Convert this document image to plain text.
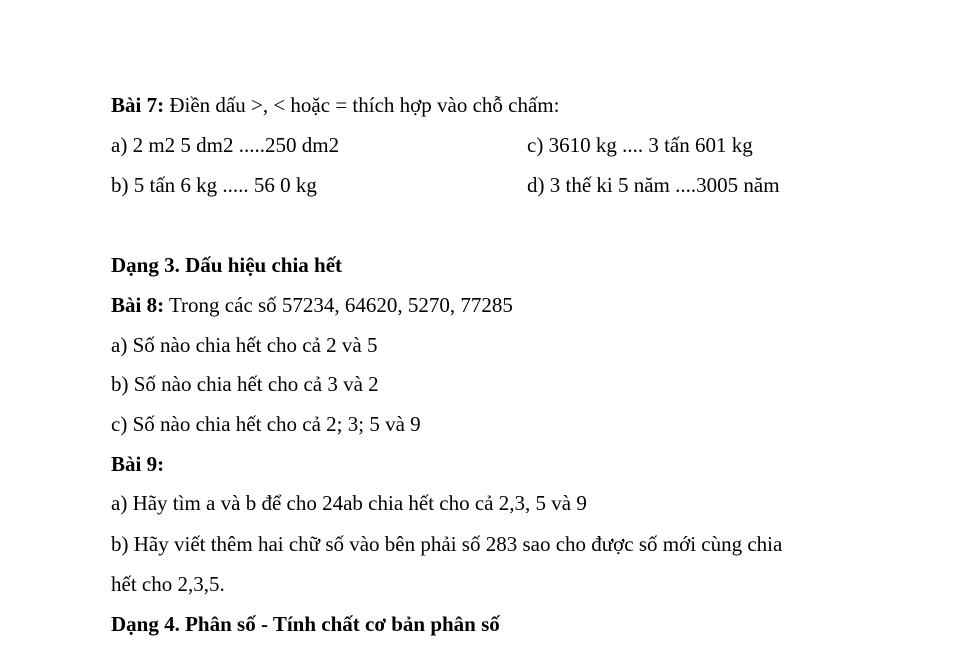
Bài 7: Điền dấu >, < hoặc = thích hợp vào chỗ chấm:
a) 2 m2 5 dm2 .....250 dm2	c) 3610 kg .... 3 tấn 601 kg
b) 5 tấn 6 kg ..... 56 0 kg	d) 3 thế ki 5 năm ....3005 năm
Dạng 3. Dấu hiệu chia hết
Bài 8: Trong các số 57234, 64620, 5270, 77285
a) Số nào chia hết cho cả 2 và 5
b) Số nào chia hết cho cả 3 và 2
c) Số nào chia hết cho cả 2; 3; 5 và 9
Bài 9:
a) Hãy tìm a và b để cho 24ab chia hết cho cả 2,3, 5 và 9
b) Hãy viết thêm hai chữ số vào bên phải số 283 sao cho được số mới cùng chia
hết cho 2,3,5.
Dạng 4. Phân số - Tính chất cơ bản phân số
